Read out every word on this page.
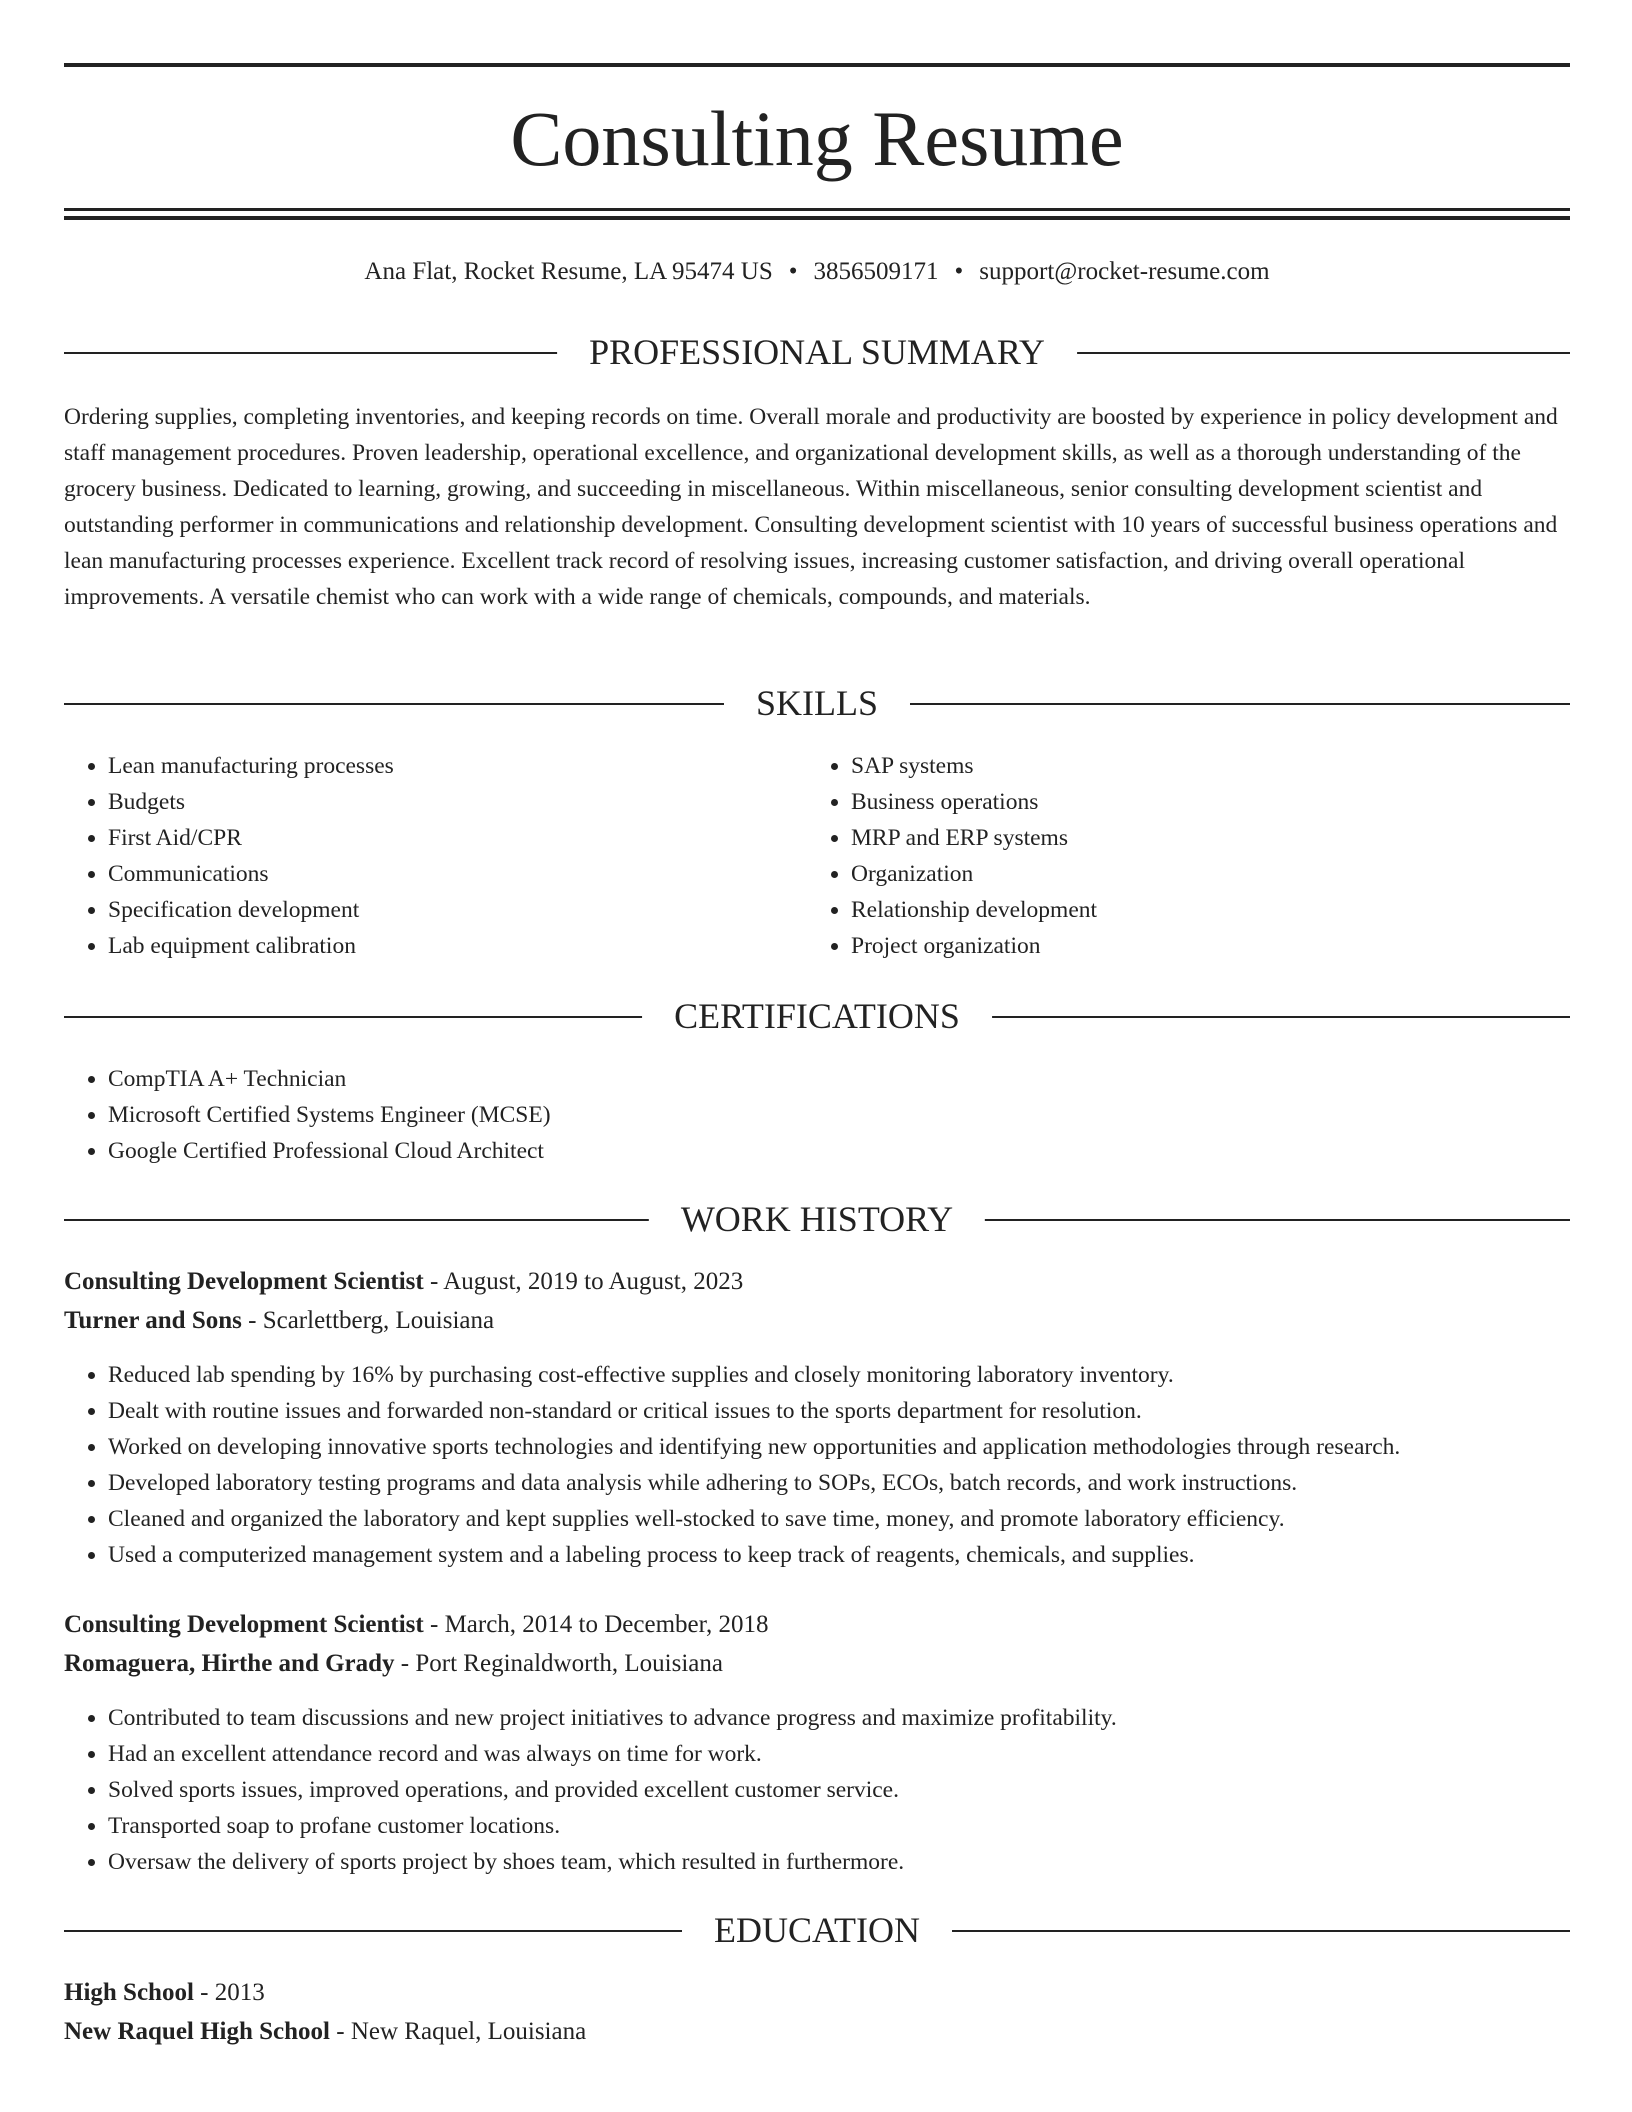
Consulting Resume
Ana Flat, Rocket Resume, LA 95474 US • 3856509171 • support@rocket-resume.com
PROFESSIONAL SUMMARY
Ordering supplies, completing inventories, and keeping records on time. Overall morale and productivity are boosted by experience in policy development and staff management procedures. Proven leadership, operational excellence, and organizational development skills, as well as a thorough understanding of the grocery business. Dedicated to learning, growing, and succeeding in miscellaneous. Within miscellaneous, senior consulting development scientist and outstanding performer in communications and relationship development. Consulting development scientist with 10 years of successful business operations and lean manufacturing processes experience. Excellent track record of resolving issues, increasing customer satisfaction, and driving overall operational improvements. A versatile chemist who can work with a wide range of chemicals, compounds, and materials.
SKILLS
• Lean manufacturing processes
• Budgets
• First Aid/CPR
• Communications
• Specification development
• Lab equipment calibration
• SAP systems
• Business operations
• MRP and ERP systems
• Organization
• Relationship development
• Project organization
CERTIFICATIONS
• CompTIA A+ Technician
• Microsoft Certified Systems Engineer (MCSE)
• Google Certified Professional Cloud Architect
WORK HISTORY
Consulting Development Scientist - August, 2019 to August, 2023
Turner and Sons - Scarlettberg, Louisiana
• Reduced lab spending by 16% by purchasing cost-effective supplies and closely monitoring laboratory inventory.
• Dealt with routine issues and forwarded non-standard or critical issues to the sports department for resolution.
• Worked on developing innovative sports technologies and identifying new opportunities and application methodologies through research.
• Developed laboratory testing programs and data analysis while adhering to SOPs, ECOs, batch records, and work instructions.
• Cleaned and organized the laboratory and kept supplies well-stocked to save time, money, and promote laboratory efficiency.
• Used a computerized management system and a labeling process to keep track of reagents, chemicals, and supplies.
Consulting Development Scientist - March, 2014 to December, 2018
Romaguera, Hirthe and Grady - Port Reginaldworth, Louisiana
• Contributed to team discussions and new project initiatives to advance progress and maximize profitability.
• Had an excellent attendance record and was always on time for work.
• Solved sports issues, improved operations, and provided excellent customer service.
• Transported soap to profane customer locations.
• Oversaw the delivery of sports project by shoes team, which resulted in furthermore.
EDUCATION
High School - 2013
New Raquel High School - New Raquel, Louisiana
